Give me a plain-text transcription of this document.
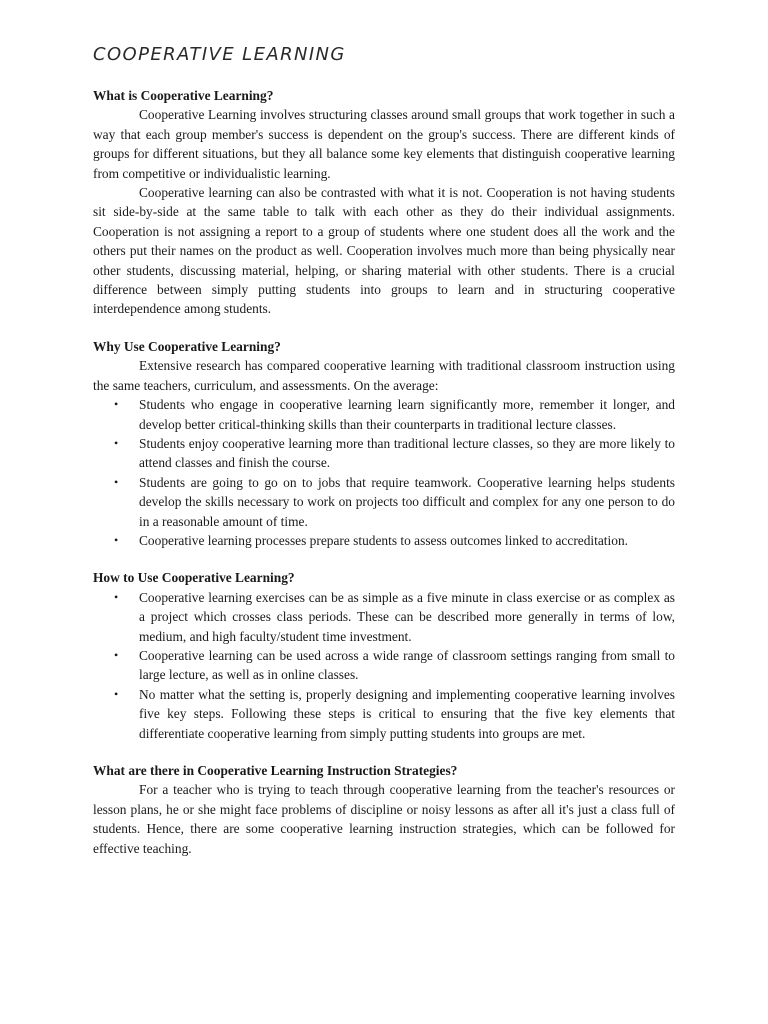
COOPERATIVE LEARNING
What is Cooperative Learning?

Cooperative Learning involves structuring classes around small groups that work together in such a way that each group member's success is dependent on the group's success. There are different kinds of groups for different situations, but they all balance some key elements that distinguish cooperative learning from competitive or individualistic learning.

Cooperative learning can also be contrasted with what it is not. Cooperation is not having students sit side-by-side at the same table to talk with each other as they do their individual assignments. Cooperation is not assigning a report to a group of students where one student does all the work and the others put their names on the product as well. Cooperation involves much more than being physically near other students, discussing material, helping, or sharing material with other students. There is a crucial difference between simply putting students into groups to learn and in structuring cooperative interdependence among students.

Why Use Cooperative Learning?

Extensive research has compared cooperative learning with traditional classroom instruction using the same teachers, curriculum, and assessments. On the average:

• Students who engage in cooperative learning learn significantly more, remember it longer, and develop better critical-thinking skills than their counterparts in traditional lecture classes.
• Students enjoy cooperative learning more than traditional lecture classes, so they are more likely to attend classes and finish the course.
• Students are going to go on to jobs that require teamwork. Cooperative learning helps students develop the skills necessary to work on projects too difficult and complex for any one person to do in a reasonable amount of time.
• Cooperative learning processes prepare students to assess outcomes linked to accreditation.
How to Use Cooperative Learning?
• Cooperative learning exercises can be as simple as a five minute in class exercise or as complex as a project which crosses class periods. These can be described more generally in terms of low, medium, and high faculty/student time investment.
• Cooperative learning can be used across a wide range of classroom settings ranging from small to large lecture, as well as in online classes.
• No matter what the setting is, properly designing and implementing cooperative learning involves five key steps. Following these steps is critical to ensuring that the five key elements that differentiate cooperative learning from simply putting students into groups are met.
What are there in Cooperative Learning Instruction Strategies?

For a teacher who is trying to teach through cooperative learning from the teacher's resources or lesson plans, he or she might face problems of discipline or noisy lessons as after all it's just a class full of students. Hence, there are some cooperative learning instruction strategies, which can be followed for effective teaching.
